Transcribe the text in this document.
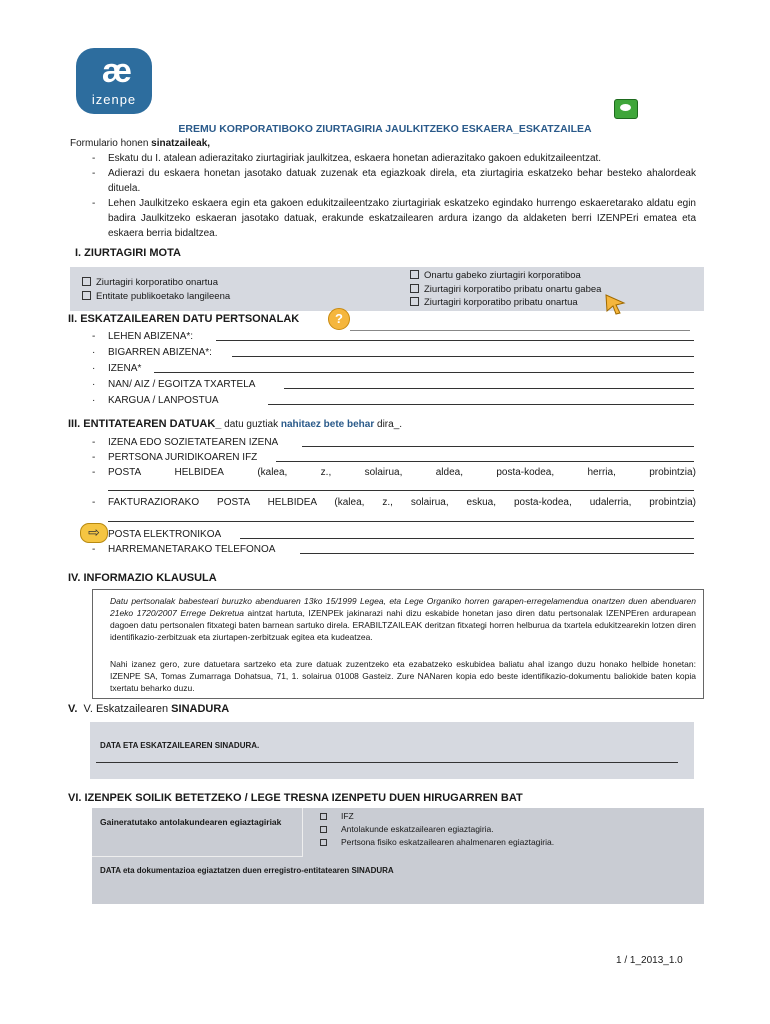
æ
izenpe
EREMU KORPORATIBOKO ZIURTAGIRIA JAULKITZEKO ESKAERA_ESKATZAILEA
Formulario honen sinatzaileak,
- Eskatu du I. atalean adierazitako ziurtagiriak jaulkitzea, eskaera honetan adierazitako gakoen edukitzaileentzat.
- Adierazi du eskaera honetan jasotako datuak zuzenak eta egiazkoak direla, eta ziurtagiria eskatzeko behar besteko ahalordeak dituela.
- Lehen Jaulkitzeko eskaera egin eta gakoen edukitzaileentzako ziurtagiriak eskatzeko egindako hurrengo eskaeretarako aldatu egin badira Jaulkitzeko eskaeran jasotako datuak, erakunde eskatzailearen ardura izango da aldaketen berri IZENPEri ematea eta eskaera berria bidaltzea.
I. ZIURTAGIRI MOTA
Ziurtagiri korporatibo onartua
Entitate publikoetako langileena
Onartu gabeko ziurtagiri korporatiboa
Ziurtagiri korporatibo pribatu onartu gabea
Ziurtagiri korporatibo pribatu onartua
II. ESKATZAILEAREN DATU PERTSONALAK	?
- LEHEN ABIZENA*:
· BIGARREN ABIZENA*:
· IZENA*
· NAN/ AIZ / EGOITZA TXARTELA
· KARGUA / LANPOSTUA
III. ENTITATEAREN DATUAK_ datu guztiak nahitaez bete behar dira_.
- IZENA EDO SOZIETATEAREN IZENA
- PERTSONA JURIDIKOAREN IFZ
- POSTA	HELBIDEA	(kalea,	z.,	solairua,	aldea,	posta-kodea,	herria,	probintzia)
- FAKTURAZIORAKO POSTA HELBIDEA (kalea, z., solairua, eskua, posta-kodea, udalerria, probintzia)
⇨ POSTA ELEKTRONIKOA
- HARREMANETARAKO TELEFONOA
IV. INFORMAZIO KLAUSULA
Datu pertsonalak babesteari buruzko abenduaren 13ko 15/1999 Legea, eta Lege Organiko horren garapen-erregelamendua onartzen duen abenduaren 21eko 1720/2007 Errege Dekretua aintzat hartuta, IZENPEk jakinarazi nahi dizu eskabide honetan jaso diren datu pertsonalak IZENPEren ardurapean dagoen datu pertsonalen fitxategi baten barnean sartuko direla. ERABILTZAILEAK deritzan fitxategi horren helburua da txartela edukitzearekin lotzen diren identifikazio-zerbitzuak eta ziurtapen-zerbitzuak egitea eta kudeatzea.
Nahi izanez gero, zure datuetara sartzeko eta zure datuak zuzentzeko eta ezabatzeko eskubidea baliatu ahal izango duzu honako helbide honetan: IZENPE SA, Tomas Zumarraga Dohatsua, 71, 1. solairua 01008 Gasteiz. Zure NANaren kopia edo beste identifikazio-dokumentu baliokide baten kopia txertatu beharko duzu.
V. V. Eskatzailearen SINADURA
DATA ETA ESKATZAILEAREN SINADURA.
VI. IZENPEK SOILIK BETETZEKO / LEGE TRESNA IZENPETU DUEN HIRUGARREN BAT
Gaineratutako antolakundearen egiaztagiriak
IFZ
Antolakunde eskatzailearen egiaztagiria.
Pertsona fisiko eskatzailearen ahalmenaren egiaztagiria.
DATA eta dokumentazioa egiaztatzen duen erregistro-entitatearen SINADURA
1 / 1_2013_1.0
